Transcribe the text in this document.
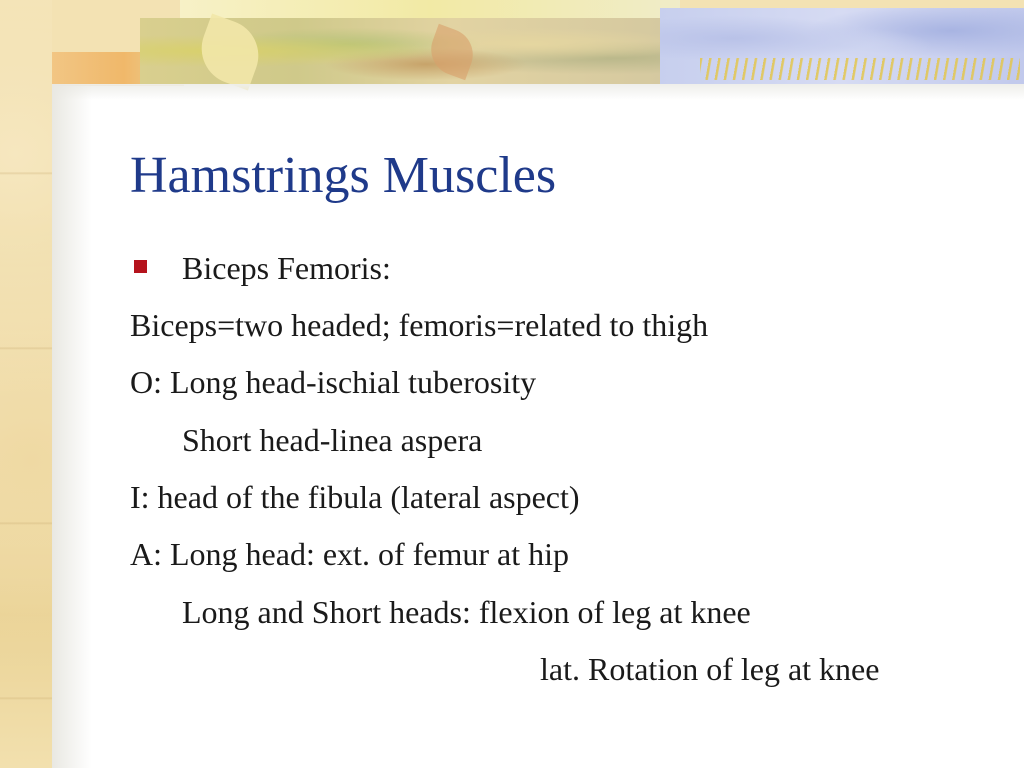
Hamstrings Muscles

Biceps Femoris:

Biceps=two headed; femoris=related to thigh

O: Long head-ischial tuberosity

Short head-linea aspera

I: head of the fibula (lateral aspect)

A: Long head: ext. of femur at hip

Long and Short heads: flexion of leg at knee

lat. Rotation of leg at knee
